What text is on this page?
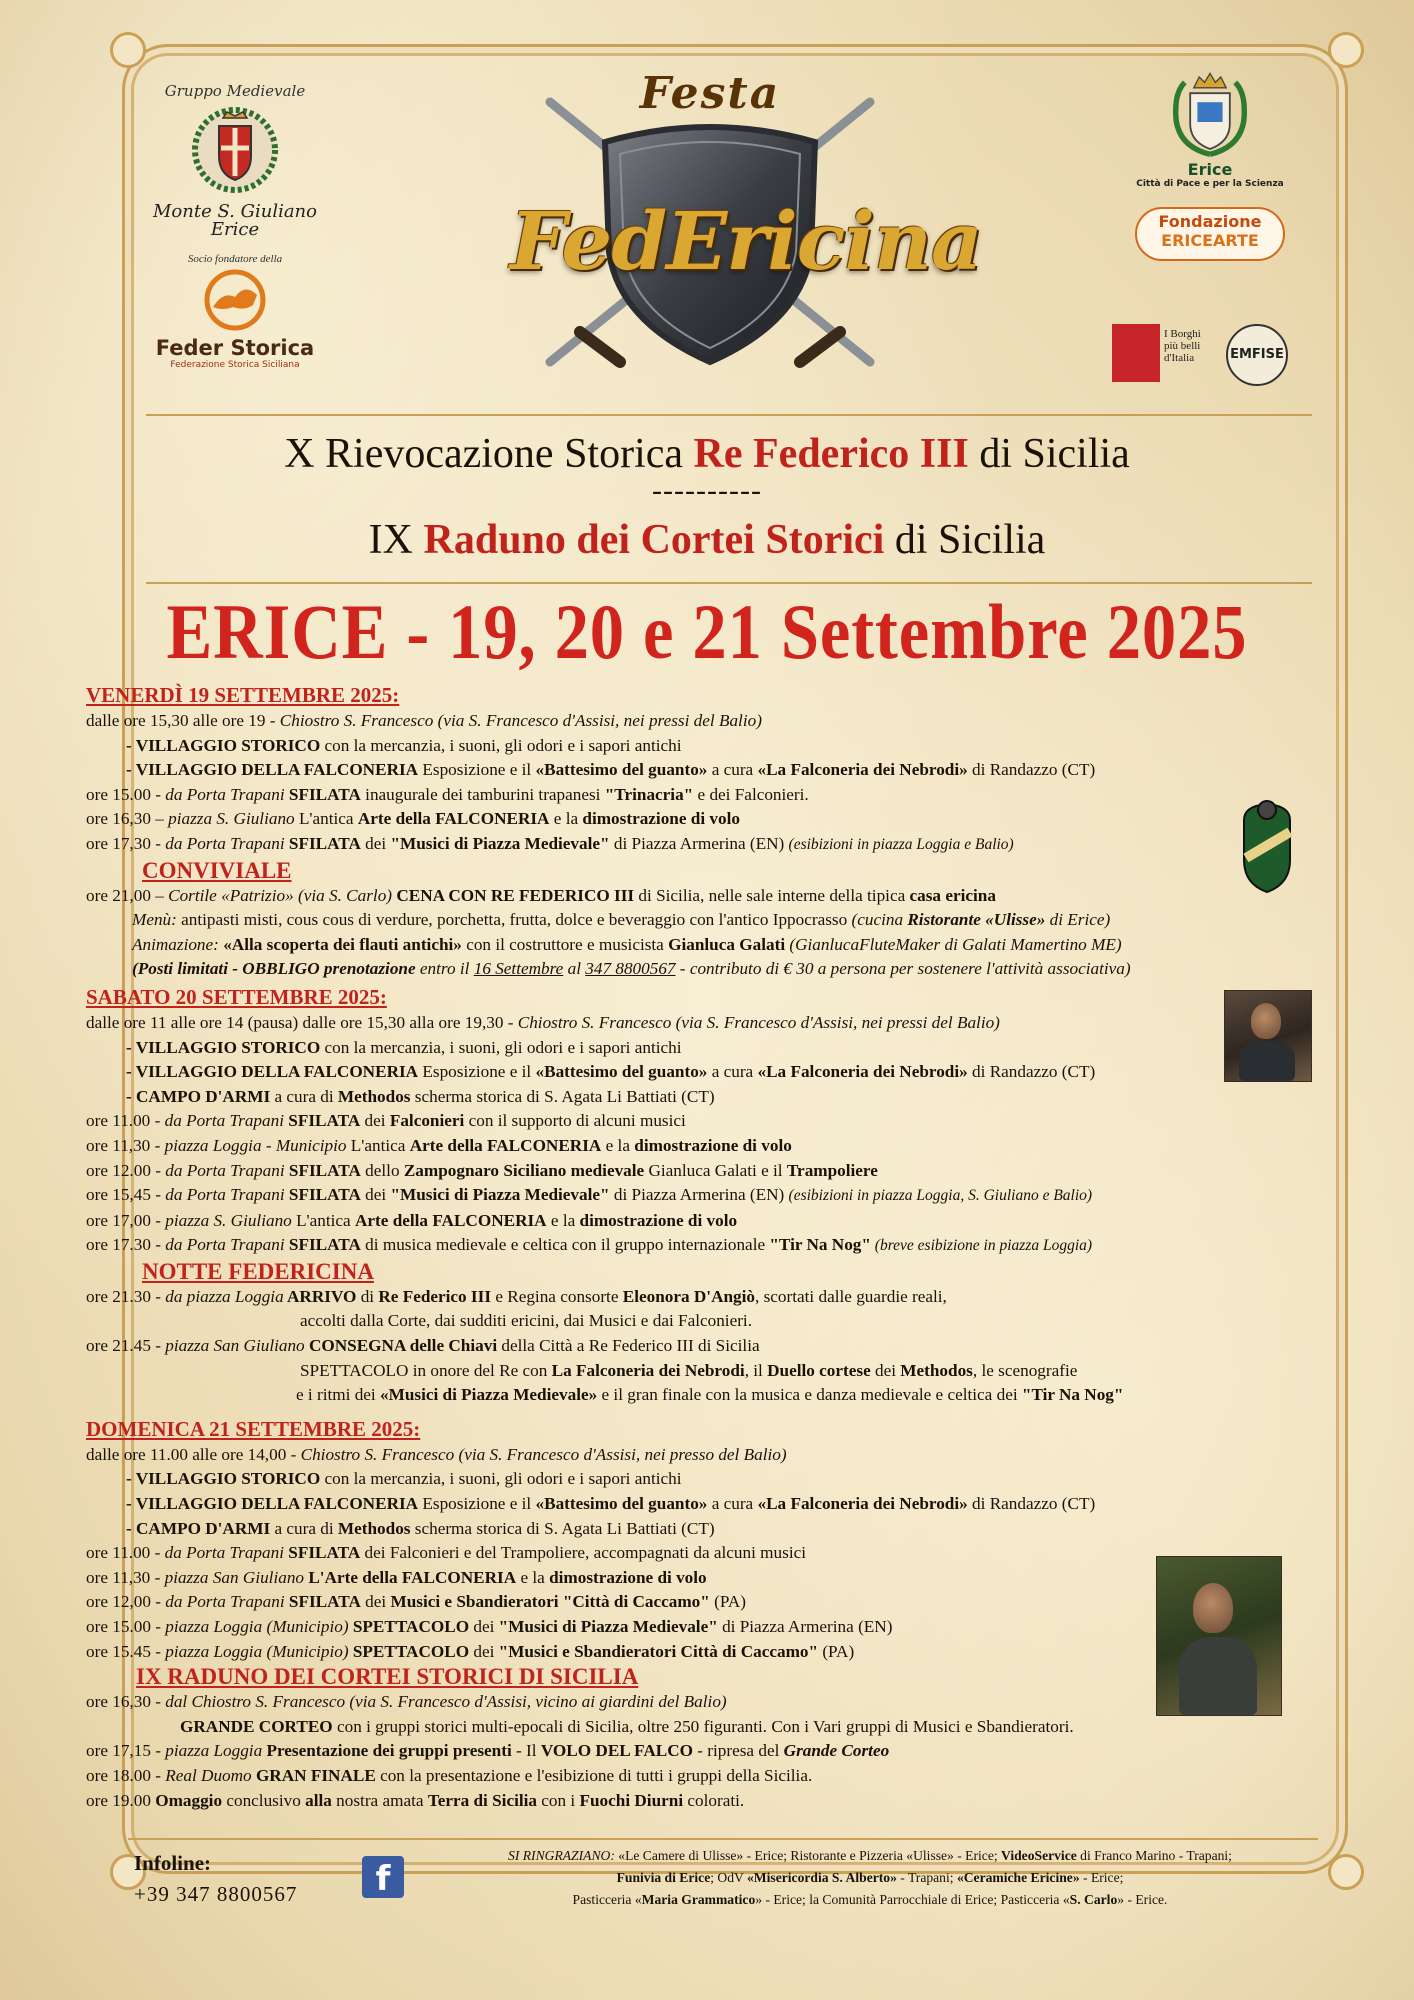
Gruppo Medievale
Monte S. Giuliano
Erice
Socio fondatore della
Feder Storica
Federazione Storica Siciliana
Festa
FedEricina
Erice
Città di Pace e per la Scienza
Fondazione
ERICEARTE
I Borghi
più belli
d'Italia	EMFISE
X Rievocazione Storica Re Federico III di Sicilia
----------
IX Raduno dei Cortei Storici di Sicilia
ERICE - 19, 20 e 21 Settembre 2025
VENERDÌ 19 SETTEMBRE 2025:
dalle ore 15,30 alle ore 19 - Chiostro S. Francesco (via S. Francesco d'Assisi, nei pressi del Balio)
- VILLAGGIO STORICO con la mercanzia, i suoni, gli odori e i sapori antichi
- VILLAGGIO DELLA FALCONERIA Esposizione e il «Battesimo del guanto» a cura «La Falconeria dei Nebrodi» di Randazzo (CT)
ore 15.00 - da Porta Trapani SFILATA inaugurale dei tamburini trapanesi "Trinacria" e dei Falconieri.
ore 16,30 – piazza S. Giuliano L'antica Arte della FALCONERIA e la dimostrazione di volo
ore 17,30 - da Porta Trapani SFILATA dei "Musici di Piazza Medievale" di Piazza Armerina (EN) (esibizioni in piazza Loggia e Balio)
CONVIVIALE
ore 21,00 – Cortile «Patrizio» (via S. Carlo) CENA CON RE FEDERICO III di Sicilia, nelle sale interne della tipica casa ericina
Menù: antipasti misti, cous cous di verdure, porchetta, frutta, dolce e beveraggio con l'antico Ippocrasso (cucina Ristorante «Ulisse» di Erice)
Animazione: «Alla scoperta dei flauti antichi» con il costruttore e musicista Gianluca Galati (GianlucaFluteMaker di Galati Mamertino ME)
(Posti limitati - OBBLIGO prenotazione entro il 16 Settembre al 347 8800567 - contributo di € 30 a persona per sostenere l'attività associativa)
SABATO 20 SETTEMBRE 2025:
dalle ore 11 alle ore 14 (pausa) dalle ore 15,30 alla ore 19,30 - Chiostro S. Francesco (via S. Francesco d'Assisi, nei pressi del Balio)
- VILLAGGIO STORICO con la mercanzia, i suoni, gli odori e i sapori antichi
- VILLAGGIO DELLA FALCONERIA Esposizione e il «Battesimo del guanto» a cura «La Falconeria dei Nebrodi» di Randazzo (CT)
- CAMPO D'ARMI a cura di Methodos scherma storica di S. Agata Li Battiati (CT)
ore 11.00 - da Porta Trapani SFILATA dei Falconieri con il supporto di alcuni musici
ore 11,30 - piazza Loggia - Municipio L'antica Arte della FALCONERIA e la dimostrazione di volo
ore 12.00 - da Porta Trapani SFILATA dello Zampognaro Siciliano medievale Gianluca Galati e il Trampoliere
ore 15,45 - da Porta Trapani SFILATA dei "Musici di Piazza Medievale" di Piazza Armerina (EN) (esibizioni in piazza Loggia, S. Giuliano e Balio)
ore 17,00 - piazza S. Giuliano L'antica Arte della FALCONERIA e la dimostrazione di volo
ore 17.30 - da Porta Trapani SFILATA di musica medievale e celtica con il gruppo internazionale "Tir Na Nog" (breve esibizione in piazza Loggia)
NOTTE FEDERICINA
ore 21.30 - da piazza Loggia ARRIVO di Re Federico III e Regina consorte Eleonora D'Angiò, scortati dalle guardie reali,
accolti dalla Corte, dai sudditi ericini, dai Musici e dai Falconieri.
ore 21.45 - piazza San Giuliano CONSEGNA delle Chiavi della Città a Re Federico III di Sicilia
SPETTACOLO in onore del Re con La Falconeria dei Nebrodi, il Duello cortese dei Methodos, le scenografie
e i ritmi dei «Musici di Piazza Medievale» e il gran finale con la musica e danza medievale e celtica dei "Tir Na Nog"
DOMENICA 21 SETTEMBRE 2025:
dalle ore 11.00 alle ore 14,00 - Chiostro S. Francesco (via S. Francesco d'Assisi, nei presso del Balio)
- VILLAGGIO STORICO con la mercanzia, i suoni, gli odori e i sapori antichi
- VILLAGGIO DELLA FALCONERIA Esposizione e il «Battesimo del guanto» a cura «La Falconeria dei Nebrodi» di Randazzo (CT)
- CAMPO D'ARMI a cura di Methodos scherma storica di S. Agata Li Battiati (CT)
ore 11.00 - da Porta Trapani SFILATA dei Falconieri e del Trampoliere, accompagnati da alcuni musici
ore 11,30 - piazza San Giuliano L'Arte della FALCONERIA e la dimostrazione di volo
ore 12,00 - da Porta Trapani SFILATA dei Musici e Sbandieratori "Città di Caccamo" (PA)
ore 15.00 - piazza Loggia (Municipio) SPETTACOLO dei "Musici di Piazza Medievale" di Piazza Armerina (EN)
ore 15.45 - piazza Loggia (Municipio) SPETTACOLO dei "Musici e Sbandieratori Città di Caccamo" (PA)
IX RADUNO DEI CORTEI STORICI DI SICILIA
ore 16,30 - dal Chiostro S. Francesco (via S. Francesco d'Assisi, vicino ai giardini del Balio)
GRANDE CORTEO con i gruppi storici multi-epocali di Sicilia, oltre 250 figuranti. Con i Vari gruppi di Musici e Sbandieratori.
ore 17,15 - piazza Loggia Presentazione dei gruppi presenti - Il VOLO DEL FALCO - ripresa del Grande Corteo
ore 18.00 - Real Duomo GRAN FINALE con la presentazione e l'esibizione di tutti i gruppi della Sicilia.
ore 19.00 Omaggio conclusivo alla nostra amata Terra di Sicilia con i Fuochi Diurni colorati.
Infoline:
+39 347 8800567	f
SI RINGRAZIANO: «Le Camere di Ulisse» - Erice; Ristorante e Pizzeria «Ulisse» - Erice; VideoService di Franco Marino - Trapani;
Funivia di Erice; OdV «Misericordia S. Alberto» - Trapani; «Ceramiche Ericine» - Erice;
Pasticceria «Maria Grammatico» - Erice; la Comunità Parrocchiale di Erice; Pasticceria «S. Carlo» - Erice.
